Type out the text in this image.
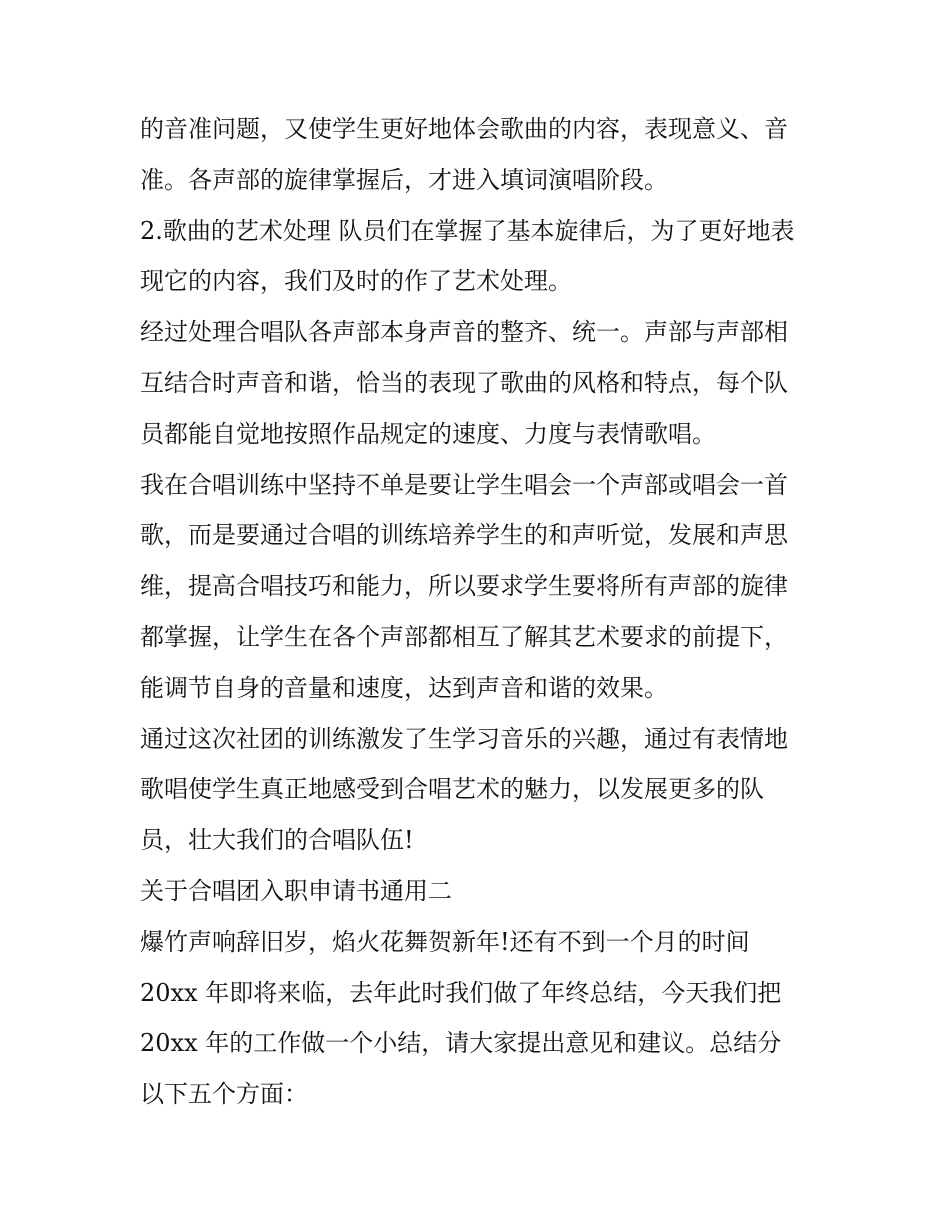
的音准问题，又使学生更好地体会歌曲的内容，表现意义、音
准。各声部的旋律掌握后，才进入填词演唱阶段。
2.歌曲的艺术处理 队员们在掌握了基本旋律后，为了更好地表
现它的内容，我们及时的作了艺术处理。
经过处理合唱队各声部本身声音的整齐、统一。声部与声部相
互结合时声音和谐，恰当的表现了歌曲的风格和特点，每个队
员都能自觉地按照作品规定的速度、力度与表情歌唱。
我在合唱训练中坚持不单是要让学生唱会一个声部或唱会一首
歌，而是要通过合唱的训练培养学生的和声听觉，发展和声思
维，提高合唱技巧和能力，所以要求学生要将所有声部的旋律
都掌握，让学生在各个声部都相互了解其艺术要求的前提下，
能调节自身的音量和速度，达到声音和谐的效果。
通过这次社团的训练激发了生学习音乐的兴趣，通过有表情地
歌唱使学生真正地感受到合唱艺术的魅力，以发展更多的队
员，壮大我们的合唱队伍!
关于合唱团入职申请书通用二
爆竹声响辞旧岁，焰火花舞贺新年!还有不到一个月的时间
20xx 年即将来临，去年此时我们做了年终总结，今天我们把
20xx 年的工作做一个小结，请大家提出意见和建议。总结分
以下五个方面：
